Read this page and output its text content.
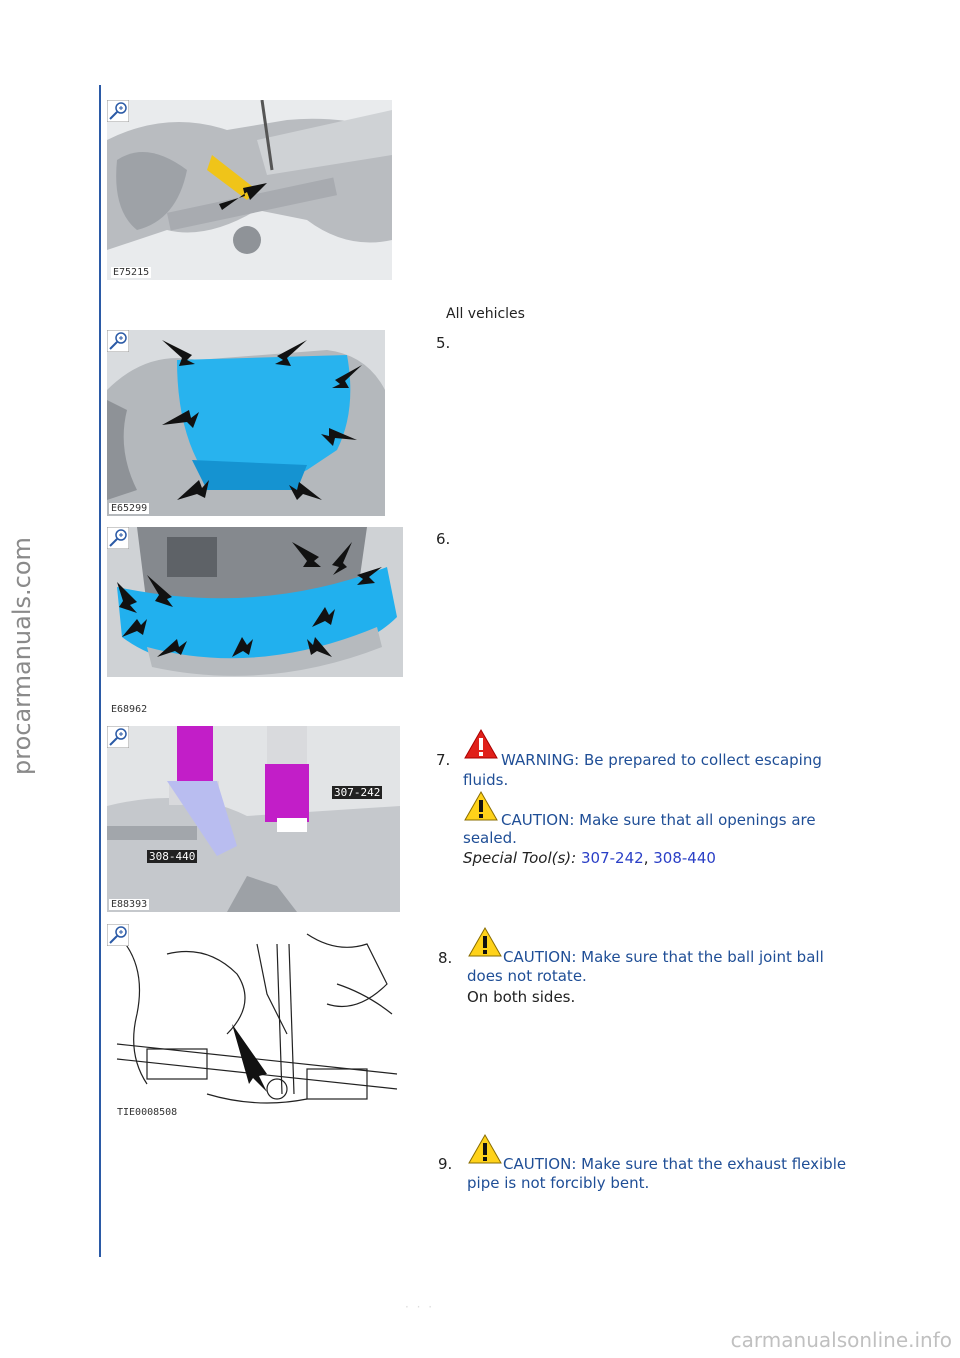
procarmanuals.com
carmanualsonline.info
· · ·
E75215
All vehicles
E65299
5.
E68962
6.
307-242
308-440
E88393
7.	WARNING: Be prepared to collect escaping
fluids.
CAUTION: Make sure that all openings are
sealed.
Special Tool(s): 307-242, 308-440
TIE0008508
8.	CAUTION: Make sure that the ball joint ball
does not rotate.
On both sides.
9.	CAUTION: Make sure that the exhaust flexible
pipe is not forcibly bent.
